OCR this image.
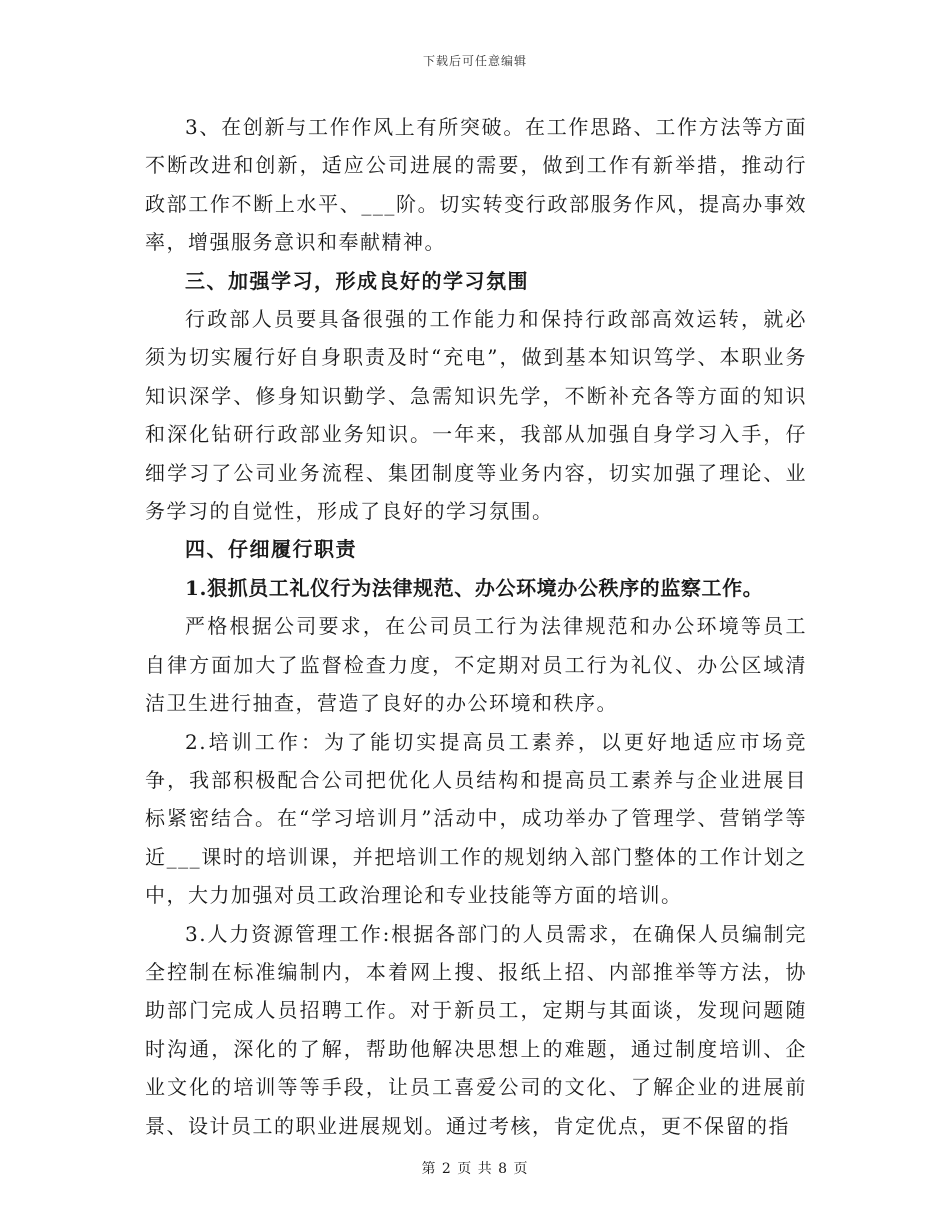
下载后可任意编辑

3、在创新与工作作风上有所突破。在工作思路、工作方法等方面不断改进和创新，适应公司进展的需要，做到工作有新举措，推动行政部工作不断上水平、___阶。切实转变行政部服务作风，提高办事效率，增强服务意识和奉献精神。

三、加强学习，形成良好的学习氛围

行政部人员要具备很强的工作能力和保持行政部高效运转，就必须为切实履行好自身职责及时“充电”，做到基本知识笃学、本职业务知识深学、修身知识勤学、急需知识先学，不断补充各等方面的知识和深化钻研行政部业务知识。一年来，我部从加强自身学习入手，仔细学习了公司业务流程、集团制度等业务内容，切实加强了理论、业务学习的自觉性，形成了良好的学习氛围。

四、仔细履行职责

1.狠抓员工礼仪行为法律规范、办公环境办公秩序的监察工作。

严格根据公司要求，在公司员工行为法律规范和办公环境等员工自律方面加大了监督检查力度，不定期对员工行为礼仪、办公区域清洁卫生进行抽查，营造了良好的办公环境和秩序。

2.培训工作：为了能切实提高员工素养，以更好地适应市场竞争，我部积极配合公司把优化人员结构和提高员工素养与企业进展目标紧密结合。在“学习培训月”活动中，成功举办了管理学、营销学等近___课时的培训课，并把培训工作的规划纳入部门整体的工作计划之中，大力加强对员工政治理论和专业技能等方面的培训。

3.人力资源管理工作:根据各部门的人员需求，在确保人员编制完全控制在标准编制内，本着网上搜、报纸上招、内部推举等方法，协助部门完成人员招聘工作。对于新员工，定期与其面谈，发现问题随时沟通，深化的了解，帮助他解决思想上的难题，通过制度培训、企业文化的培训等等手段，让员工喜爱公司的文化、了解企业的进展前景、设计员工的职业进展规划。通过考核，肯定优点，更不保留的指

第 2 页 共 8 页
